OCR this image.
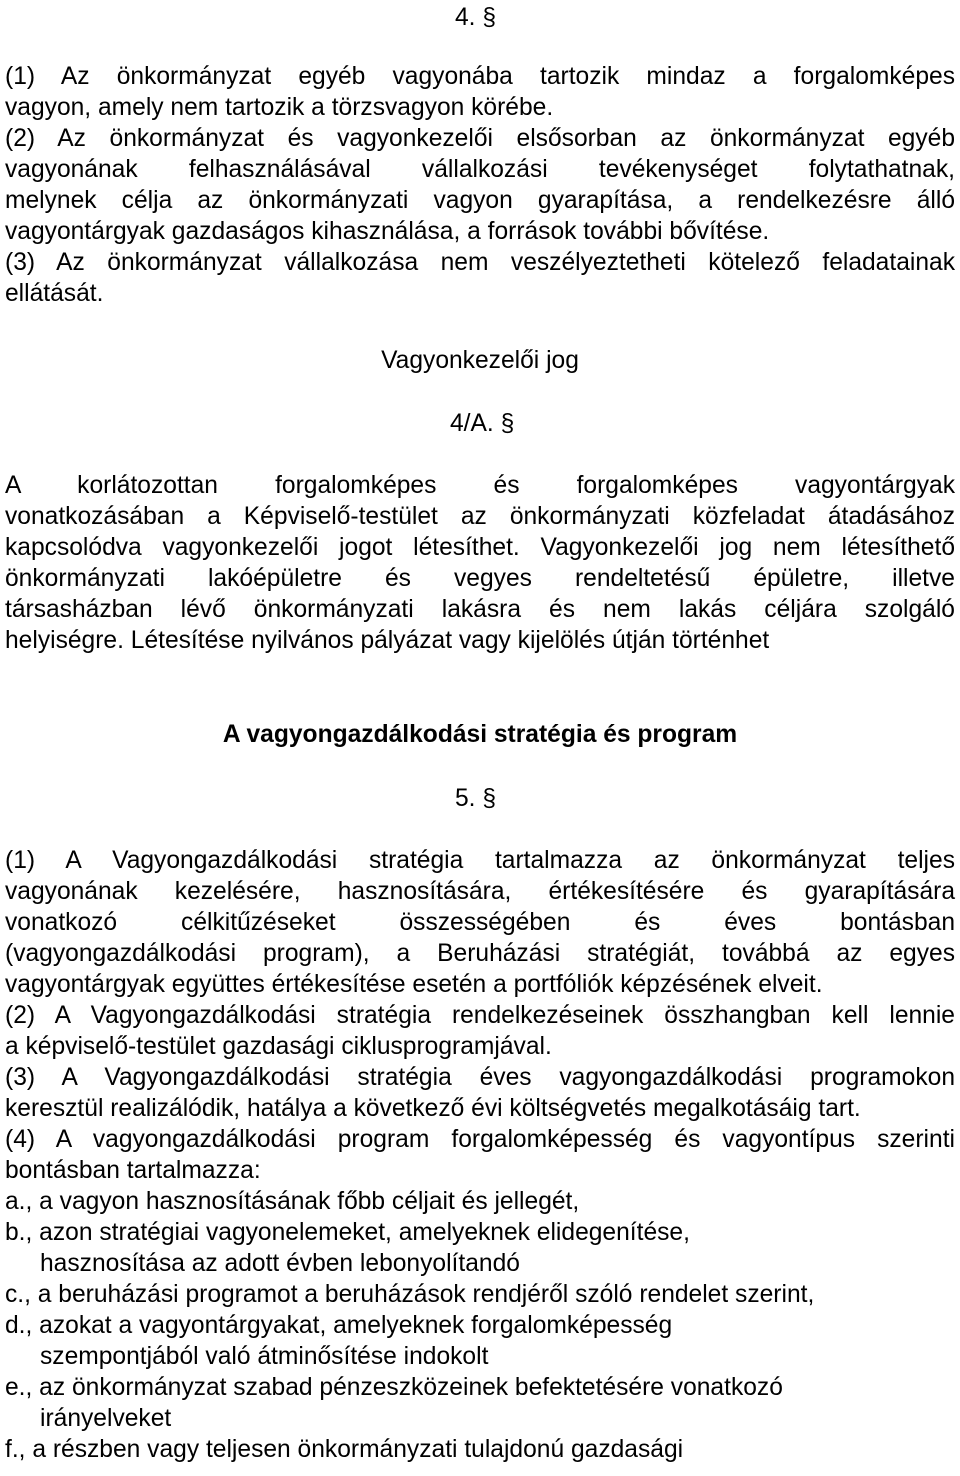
4. §
(1) Az önkormányzat egyéb vagyonába tartozik mindaz a forgalomképes
vagyon, amely nem tartozik a törzsvagyon körébe.
(2) Az önkormányzat és vagyonkezelői elsősorban az önkormányzat egyéb
vagyonának felhasználásával vállalkozási tevékenységet folytathatnak,
melynek célja az önkormányzati vagyon gyarapítása, a rendelkezésre álló
vagyontárgyak gazdaságos kihasználása, a források további bővítése.
(3) Az önkormányzat vállalkozása nem veszélyeztetheti kötelező feladatainak
ellátását.
Vagyonkezelői jog
4/A. §
A korlátozottan forgalomképes és forgalomképes vagyontárgyak
vonatkozásában a Képviselő-testület az önkormányzati közfeladat átadásához
kapcsolódva vagyonkezelői jogot létesíthet. Vagyonkezelői jog nem létesíthető
önkormányzati lakóépületre és vegyes rendeltetésű épületre, illetve
társasházban lévő önkormányzati lakásra és nem lakás céljára szolgáló
helyiségre. Létesítése nyilvános pályázat vagy kijelölés útján történhet
A vagyongazdálkodási stratégia és program
5. §
(1) A Vagyongazdálkodási stratégia tartalmazza az önkormányzat teljes
vagyonának kezelésére, hasznosítására, értékesítésére és gyarapítására
vonatkozó célkitűzéseket összességében és éves bontásban
(vagyongazdálkodási program), a Beruházási stratégiát, továbbá az egyes
vagyontárgyak együttes értékesítése esetén a portfóliók képzésének elveit.
(2) A Vagyongazdálkodási stratégia rendelkezéseinek összhangban kell lennie
a képviselő-testület gazdasági ciklusprogramjával.
(3) A Vagyongazdálkodási stratégia éves vagyongazdálkodási programokon
keresztül realizálódik, hatálya a következő évi költségvetés megalkotásáig tart.
(4) A vagyongazdálkodási program forgalomképesség és vagyontípus szerinti
bontásban tartalmazza:
a., a vagyon hasznosításának főbb céljait és jellegét,
b., azon stratégiai vagyonelemeket, amelyeknek elidegenítése,
hasznosítása az adott évben lebonyolítandó
c., a beruházási programot a beruházások rendjéről szóló rendelet szerint,
d., azokat a vagyontárgyakat, amelyeknek forgalomképesség
szempontjából való átminősítése indokolt
e., az önkormányzat szabad pénzeszközeinek befektetésére vonatkozó
irányelveket
f., a részben vagy teljesen önkormányzati tulajdonú gazdasági
